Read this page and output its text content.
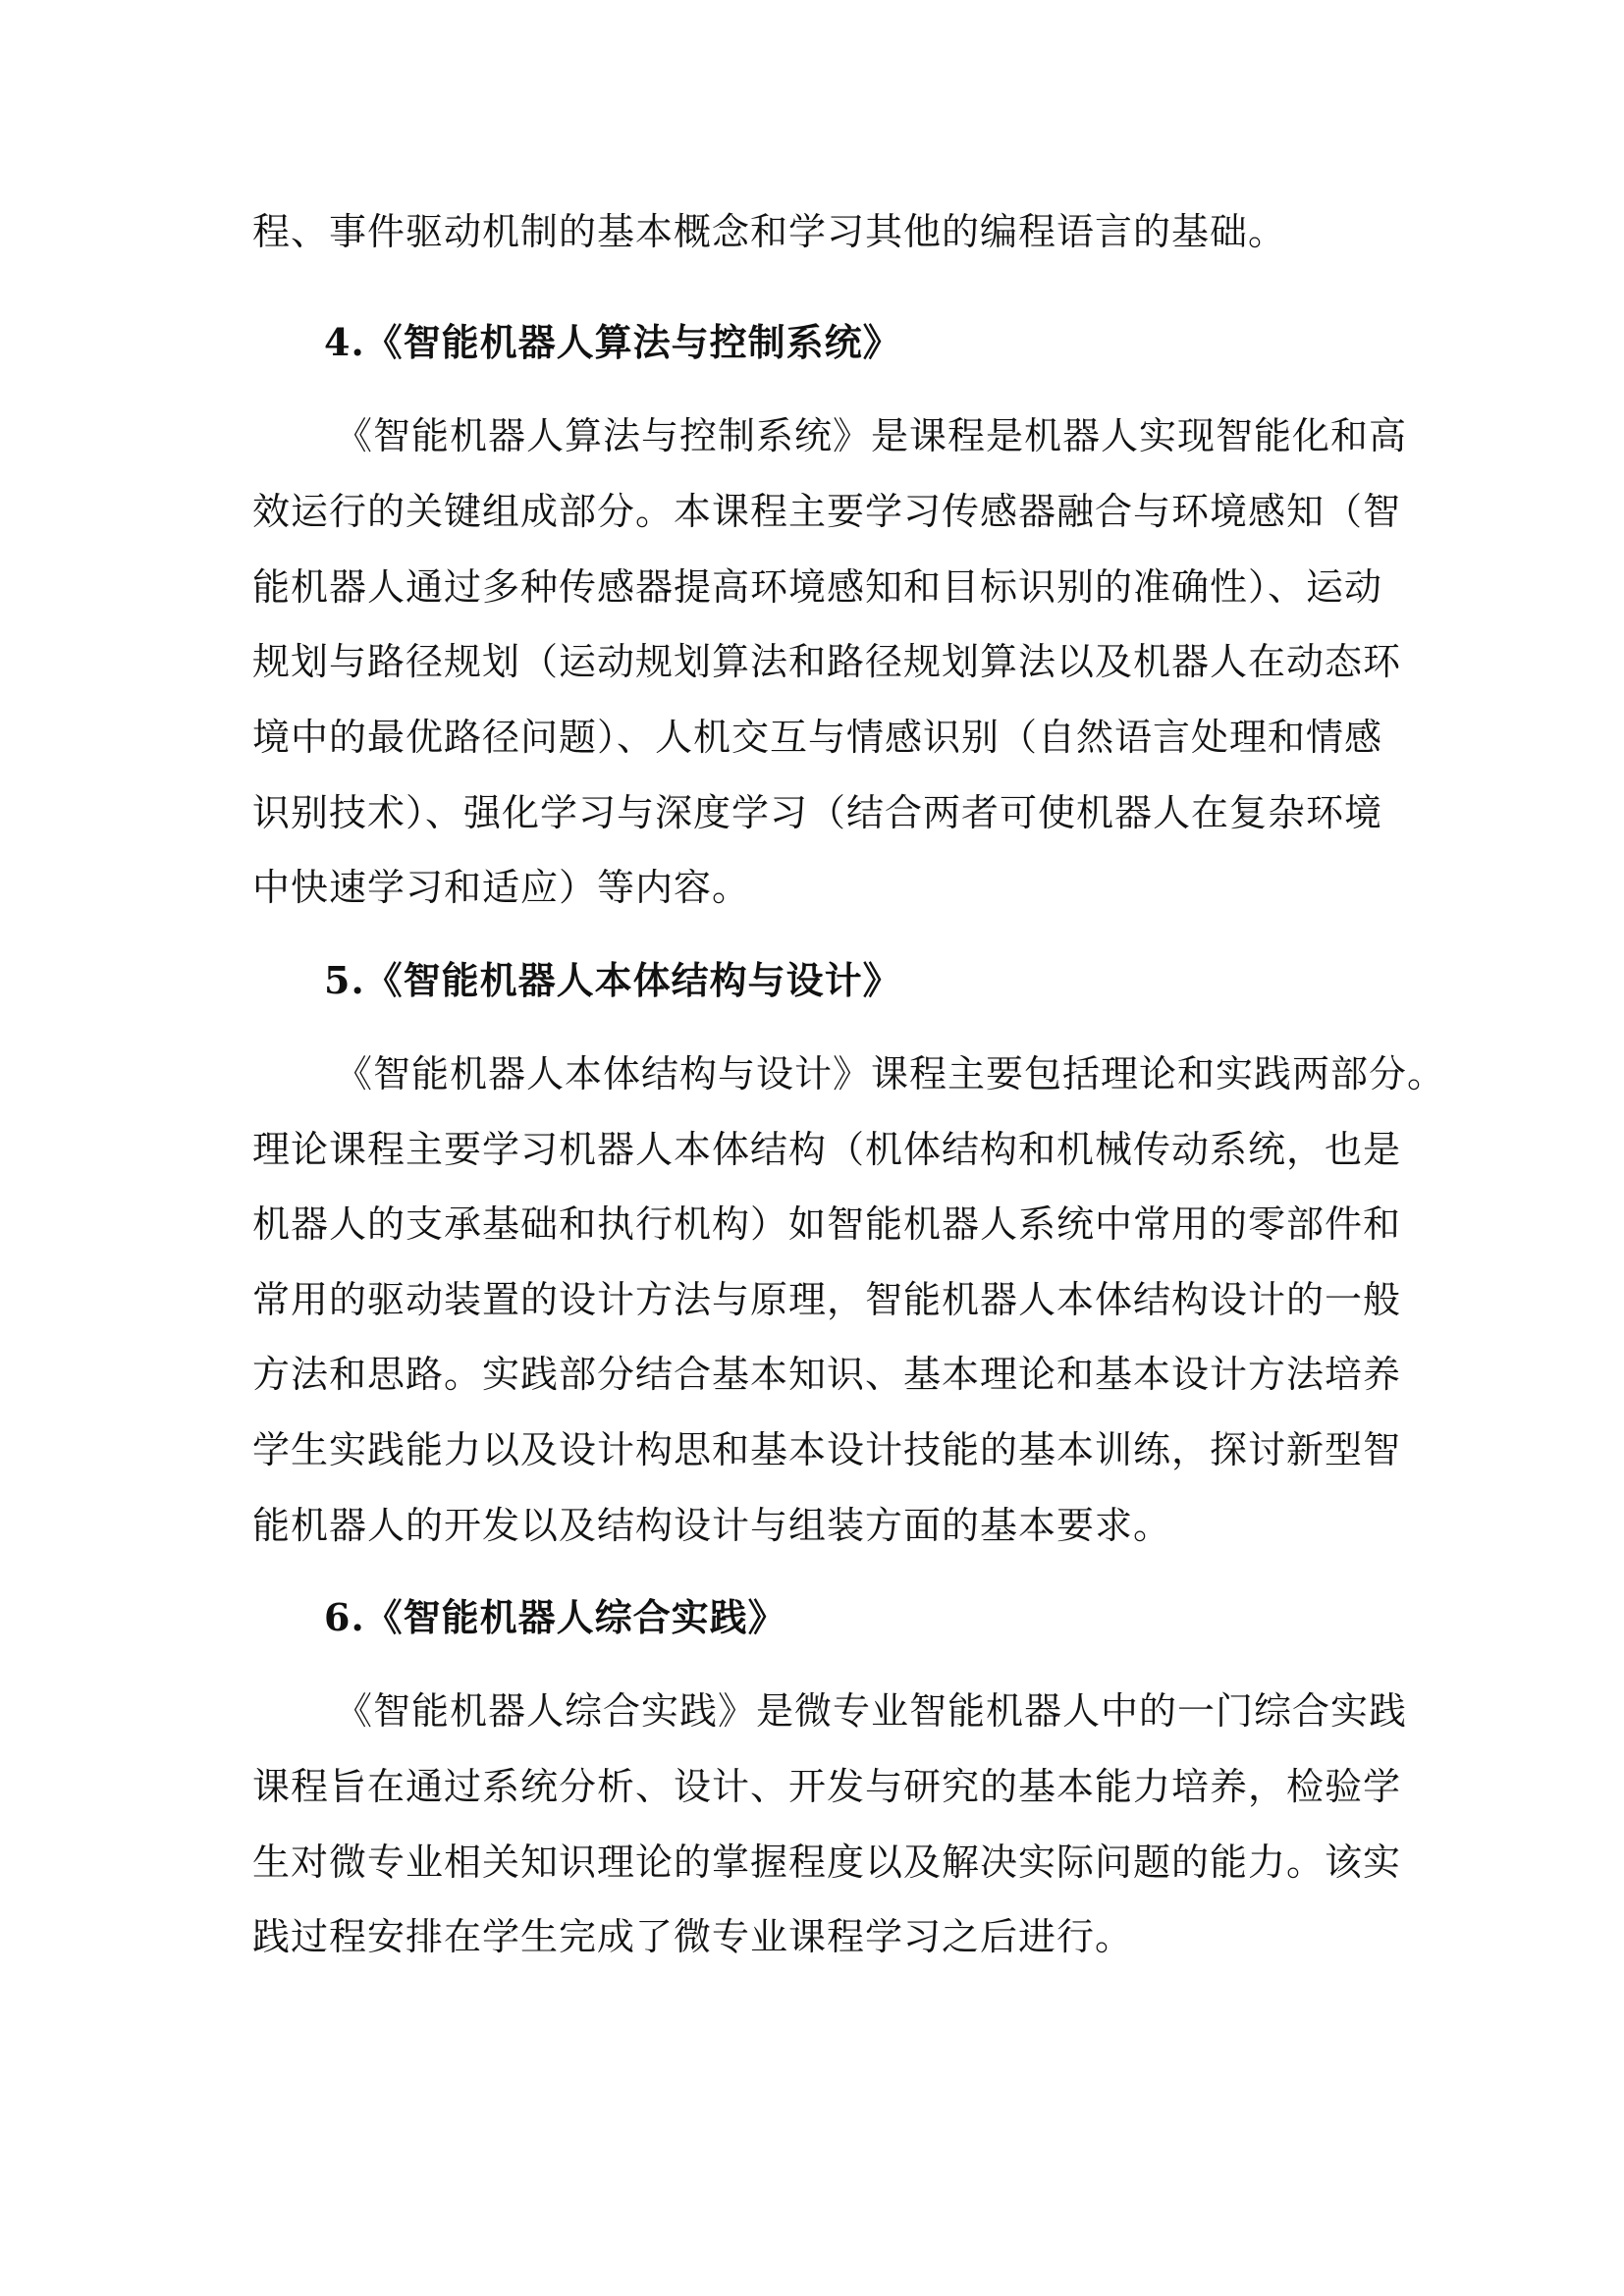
程、事件驱动机制的基本概念和学习其他的编程语言的基础。
4.《智能机器人算法与控制系统》
《智能机器人算法与控制系统》是课程是机器人实现智能化和高
效运行的关键组成部分。本课程主要学习传感器融合与环境感知（智
能机器人通过多种传感器提高环境感知和目标识别的准确性）、运动
规划与路径规划（运动规划算法和路径规划算法以及机器人在动态环
境中的最优路径问题）、人机交互与情感识别（自然语言处理和情感
识别技术）、强化学习与深度学习（结合两者可使机器人在复杂环境
中快速学习和适应）等内容。
5.《智能机器人本体结构与设计》
《智能机器人本体结构与设计》课程主要包括理论和实践两部分。
理论课程主要学习机器人本体结构（机体结构和机械传动系统，也是
机器人的支承基础和执行机构）如智能机器人系统中常用的零部件和
常用的驱动装置的设计方法与原理，智能机器人本体结构设计的一般
方法和思路。实践部分结合基本知识、基本理论和基本设计方法培养
学生实践能力以及设计构思和基本设计技能的基本训练，探讨新型智
能机器人的开发以及结构设计与组装方面的基本要求。
6.《智能机器人综合实践》
《智能机器人综合实践》是微专业智能机器人中的一门综合实践
课程旨在通过系统分析、设计、开发与研究的基本能力培养，检验学
生对微专业相关知识理论的掌握程度以及解决实际问题的能力。该实
践过程安排在学生完成了微专业课程学习之后进行。
